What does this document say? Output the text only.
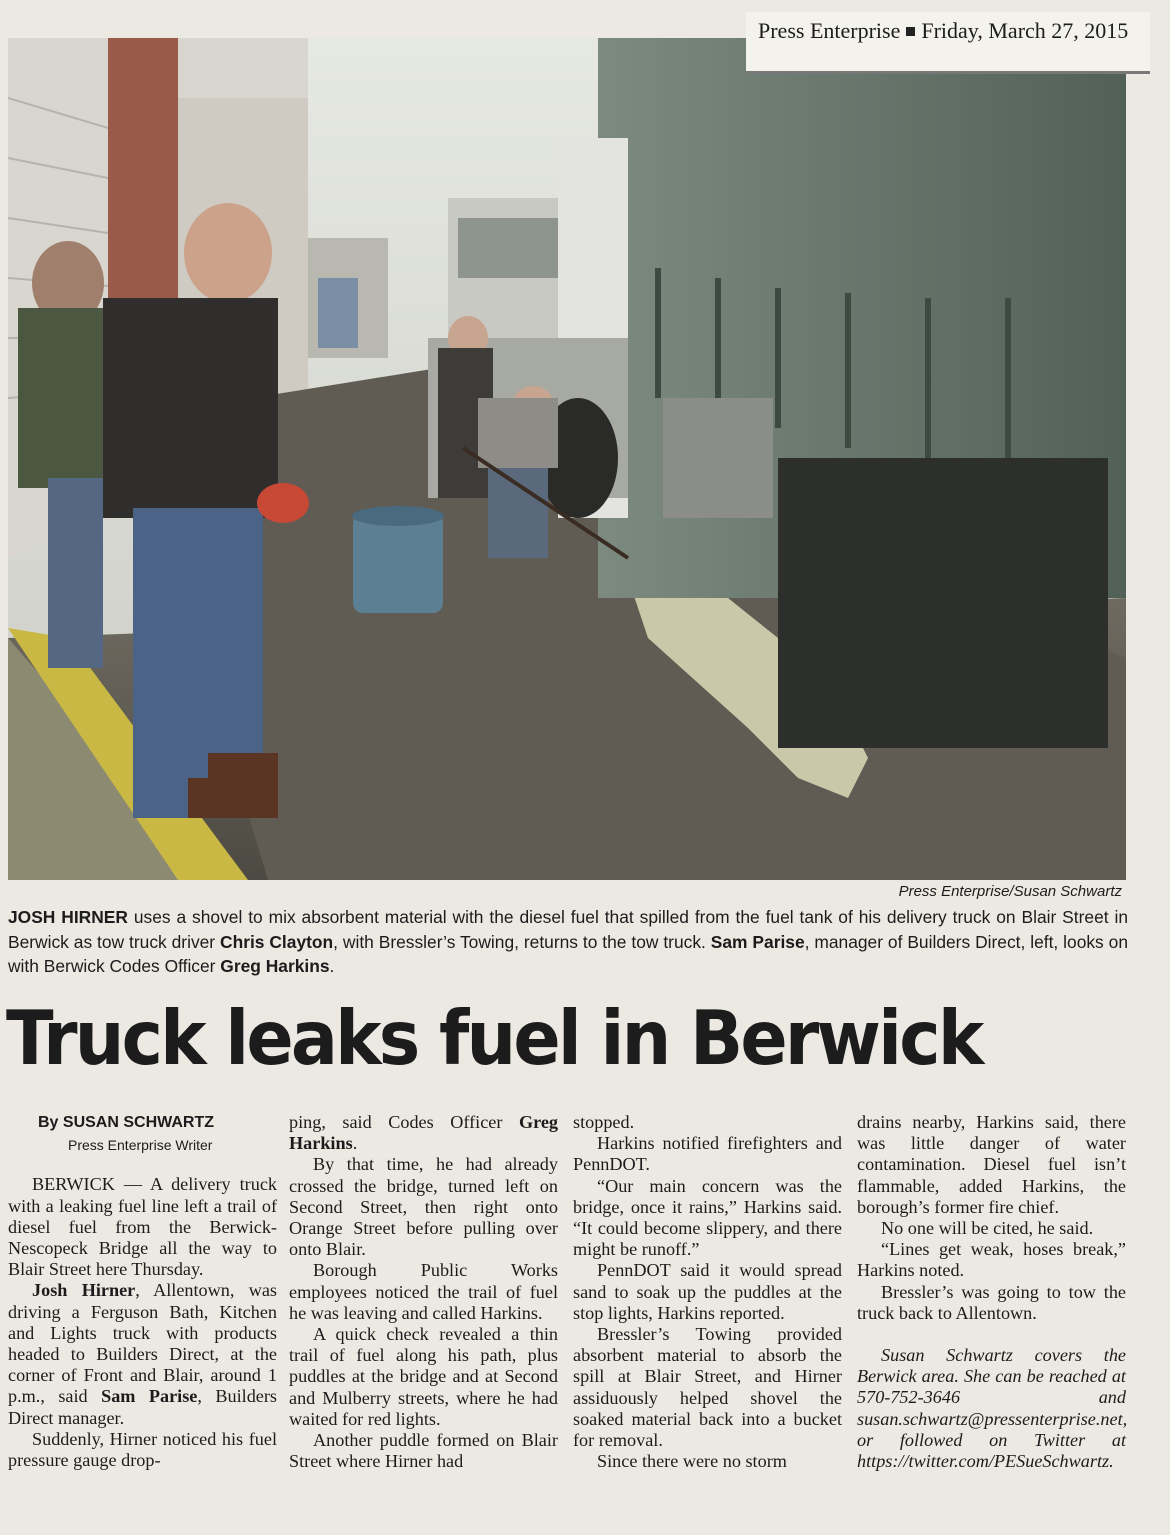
Press Enterprise Friday, March 27, 2015
Press Enterprise/Susan Schwartz
JOSH HIRNER uses a shovel to mix absorbent material with the diesel fuel that spilled from the fuel tank of his delivery truck on Blair Street in Berwick as tow truck driver Chris Clayton, with Bressler’s Towing, returns to the tow truck. Sam Parise, manager of Builders Direct, left, looks on with Berwick Codes Officer Greg Harkins.
Truck leaks fuel in Berwick
By SUSAN SCHWARTZ
Press Enterprise Writer

BERWICK — A delivery truck with a leaking fuel line left a trail of diesel fuel from the Berwick-Nescopeck Bridge all the way to Blair Street here Thursday.

Josh Hirner, Allentown, was driving a Ferguson Bath, Kitchen and Lights truck with products headed to Builders Direct, at the corner of Front and Blair, around 1 p.m., said Sam Parise, Builders Direct manager.

Suddenly, Hirner noticed his fuel pressure gauge drop-

ping, said Codes Officer Greg Harkins.

By that time, he had already crossed the bridge, turned left on Second Street, then right onto Orange Street before pulling over onto Blair.

Borough Public Works employees noticed the trail of fuel he was leaving and called Harkins.

A quick check revealed a thin trail of fuel along his path, plus puddles at the bridge and at Second and Mulberry streets, where he had waited for red lights.

Another puddle formed on Blair Street where Hirner had

stopped.

Harkins notified firefighters and PennDOT.

“Our main concern was the bridge, once it rains,” Harkins said. “It could become slippery, and there might be runoff.”

PennDOT said it would spread sand to soak up the puddles at the stop lights, Harkins reported.

Bressler’s Towing provided absorbent material to absorb the spill at Blair Street, and Hirner assiduously helped shovel the soaked material back into a bucket for removal.

Since there were no storm

drains nearby, Harkins said, there was little danger of water contamination. Diesel fuel isn’t flammable, added Harkins, the borough’s former fire chief.

No one will be cited, he said.

“Lines get weak, hoses break,” Harkins noted.

Bressler’s was going to tow the truck back to Allentown.

Susan Schwartz covers the Berwick area. She can be reached at 570-752-3646 and susan.schwartz@pressenterprise.net, or followed on Twitter at https://twitter.com/PESueSchwartz.
